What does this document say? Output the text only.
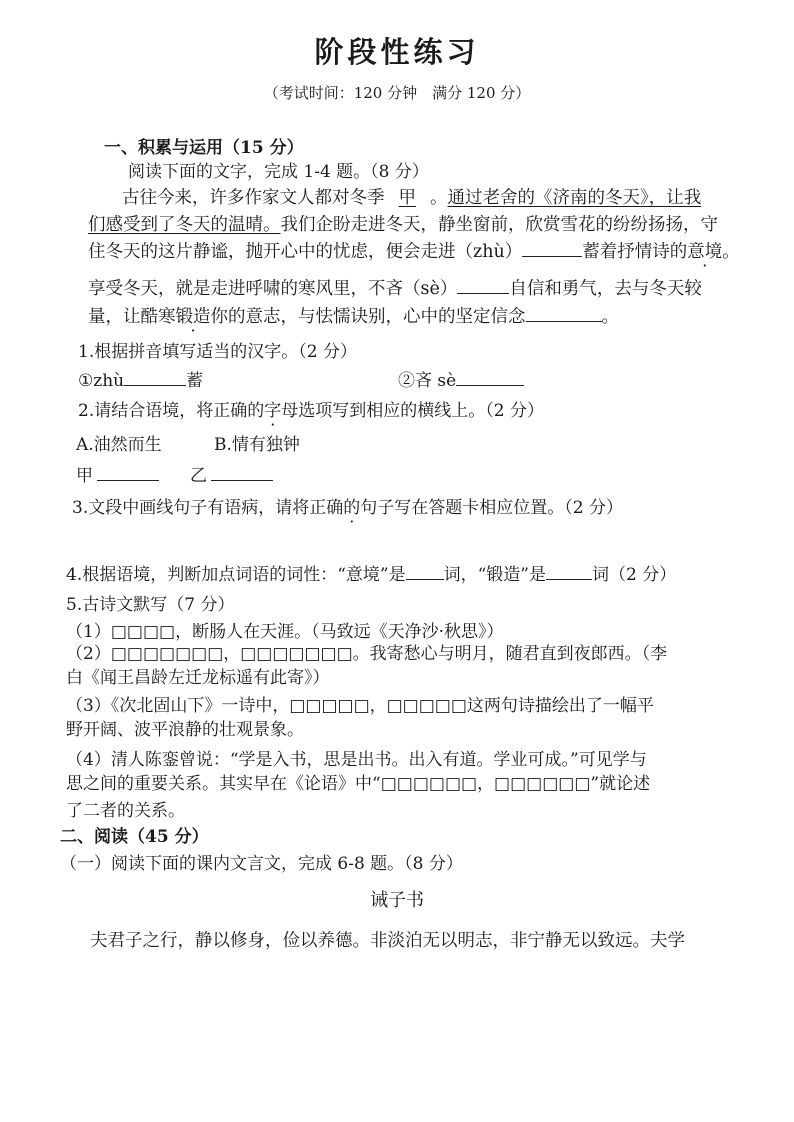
阶段性练习
（考试时间：120 分钟　满分 120 分）
一、积累与运用（15 分）
阅读下面的文字，完成 1-4 题。（8 分）
古往今来，许多作家文人都对冬季 甲 。通过老舍的《济南的冬天》，让我
们感受到了冬天的温晴。我们企盼走进冬天，静坐窗前，欣赏雪花的纷纷扬扬，守
住冬天的这片静谧，抛开心中的忧虑，便会走进（zhù）	蓄着抒情诗的意境。
享受冬天，就是走进呼啸的寒风里，不吝（sè）	自信和勇气，去与冬天较
量，让酷寒锻造你的意志，与怯懦诀别，心中的坚定信念	。
1.根据拼音填写适当的汉字。（2 分）
①zhù	蓄	②吝 sè
2.请结合语境，将正确的字母选项 ·写到相应的横线上。（2 分）
A.油然而生	B.情有独钟
甲	乙
3.文段中画线句子有语病，请将正确的句子 ·写在答题卡相应位置。（2 分）
4.根据语境，判断加点词语的词性：“意境”是 词，“锻造”是	词（2 分）
5.古诗文默写（7 分）
（1）□□□□，断肠人在天涯。（马致远《天净沙·秋思》）
（2）□□□□□□□，□□□□□□□。我寄愁心与明月，随君直到夜郎西。（李
白《闻王昌龄左迁龙标遥有此寄》）
（3）《次北固山下》一诗中，□□□□□，□□□□□这两句诗描绘出了一幅平
野开阔、波平浪静的壮观景象。
（4）清人陈銮曾说：“学是入书，思是出书。出入有道。学业可成。”可见学与
思之间的重要关系。其实早在《论语》中“□□□□□□，□□□□□□”就论述
了二者的关系。
二、阅读（45 分）
（一）阅读下面的课内文言文，完成 6-8 题。（8 分）
诫子书
夫君子之行，静以修身，俭以养德。非淡泊无以明志，非宁静无以致远。夫学
